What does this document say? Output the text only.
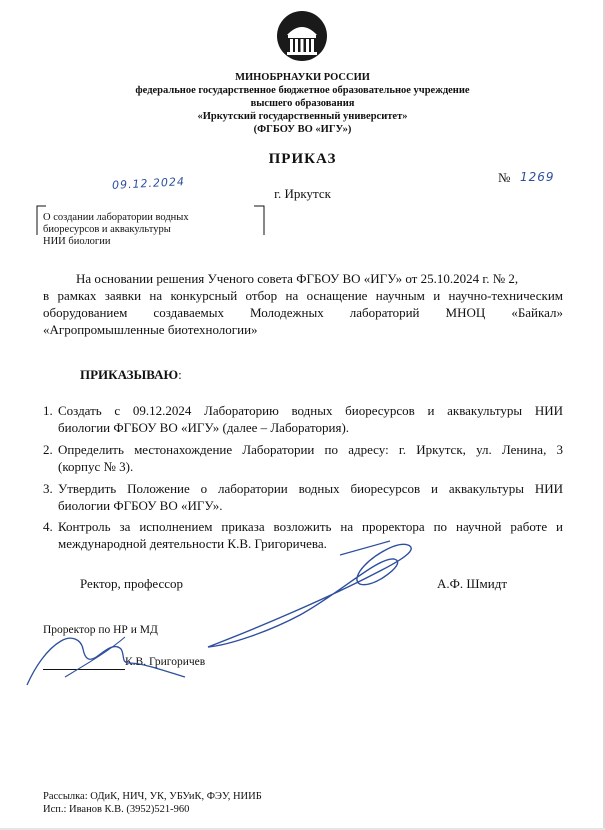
МИНОБРНАУКИ РОССИИ
федеральное государственное бюджетное образовательное учреждение
высшего образования
«Иркутский государственный университет»
(ФГБОУ ВО «ИГУ»)
ПРИКАЗ
09.12.2024	№ 1269
г. Иркутск
О создании лаборатории водных
биоресурсов и аквакультуры
НИИ биологии
На основании решения Ученого совета ФГБОУ ВО «ИГУ» от 25.10.2024 г. № 2,
в рамках заявки на конкурсный отбор на оснащение научным и научно-техническим
оборудованием создаваемых Молодежных лабораторий МНОЦ «Байкал»
«Агропромышленные биотехнологии»
ПРИКАЗЫВАЮ:
1. Создать с 09.12.2024 Лабораторию водных биоресурсов и аквакультуры НИИ
биологии ФГБОУ ВО «ИГУ» (далее – Лаборатория).
2. Определить местонахождение Лаборатории по адресу: г. Иркутск, ул. Ленина, 3
(корпус № 3).
3. Утвердить Положение о лаборатории водных биоресурсов и аквакультуры НИИ
биологии ФГБОУ ВО «ИГУ».
4. Контроль за исполнением приказа возложить на проректора по научной работе и
международной деятельности К.В. Григоричева.
Ректор, профессор	А.Ф. Шмидт
Проректор по НР и МД
К.В. Григоричев
Рассылка: ОДиК, НИЧ, УК, УБУиК, ФЭУ, НИИБ
Исп.: Иванов К.В. (3952)521-960
